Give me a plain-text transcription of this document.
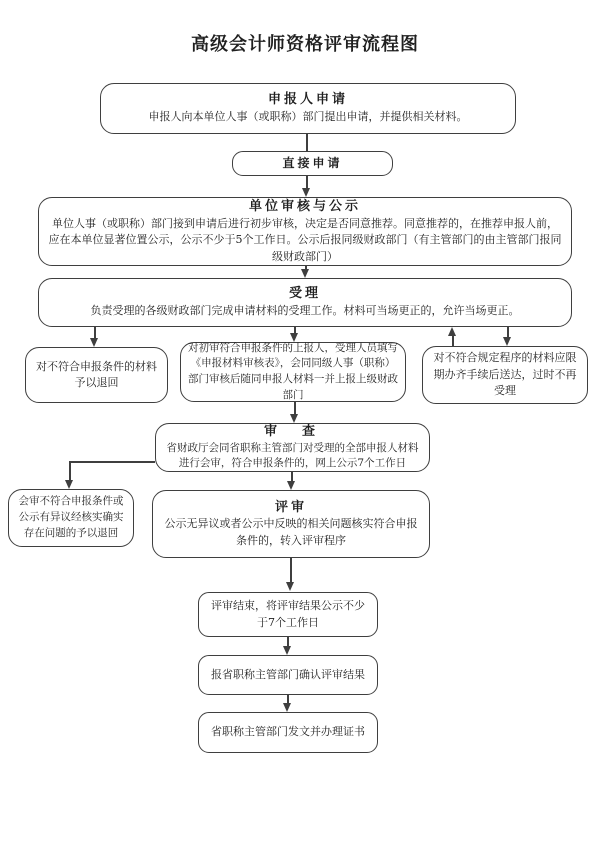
高级会计师资格评审流程图
申报人申请
申报人向本单位人事（或职称）部门提出申请，并提供相关材料。
直接申请
单位审核与公示
单位人事（或职称）部门接到申请后进行初步审核，决定是否同意推荐。同意推荐的，在推荐申报人前，应在本单位显著位置公示，公示不少于5个工作日。公示后报同级财政部门（有主管部门的由主管部门报同级财政部门）
受理
负责受理的各级财政部门完成申请材料的受理工作。材料可当场更正的，允许当场更正。
对不符合申报条件的材料予以退回
对初审符合申报条件的上报人，受理人员填写《申报材料审核表》，会同同级人事（职称）部门审核后随同申报人材料一并上报上级财政部门
对不符合规定程序的材料应限期办齐手续后送达，过时不再受理
审　查
省财政厅会同省职称主管部门对受理的全部申报人材料进行会审，符合申报条件的，网上公示7个工作日
会审不符合申报条件或公示有异议经核实确实存在问题的予以退回
评审
公示无异议或者公示中反映的相关问题核实符合申报条件的，转入评审程序
评审结束，将评审结果公示不少于7个工作日
报省职称主管部门确认评审结果
省职称主管部门发文并办理证书
